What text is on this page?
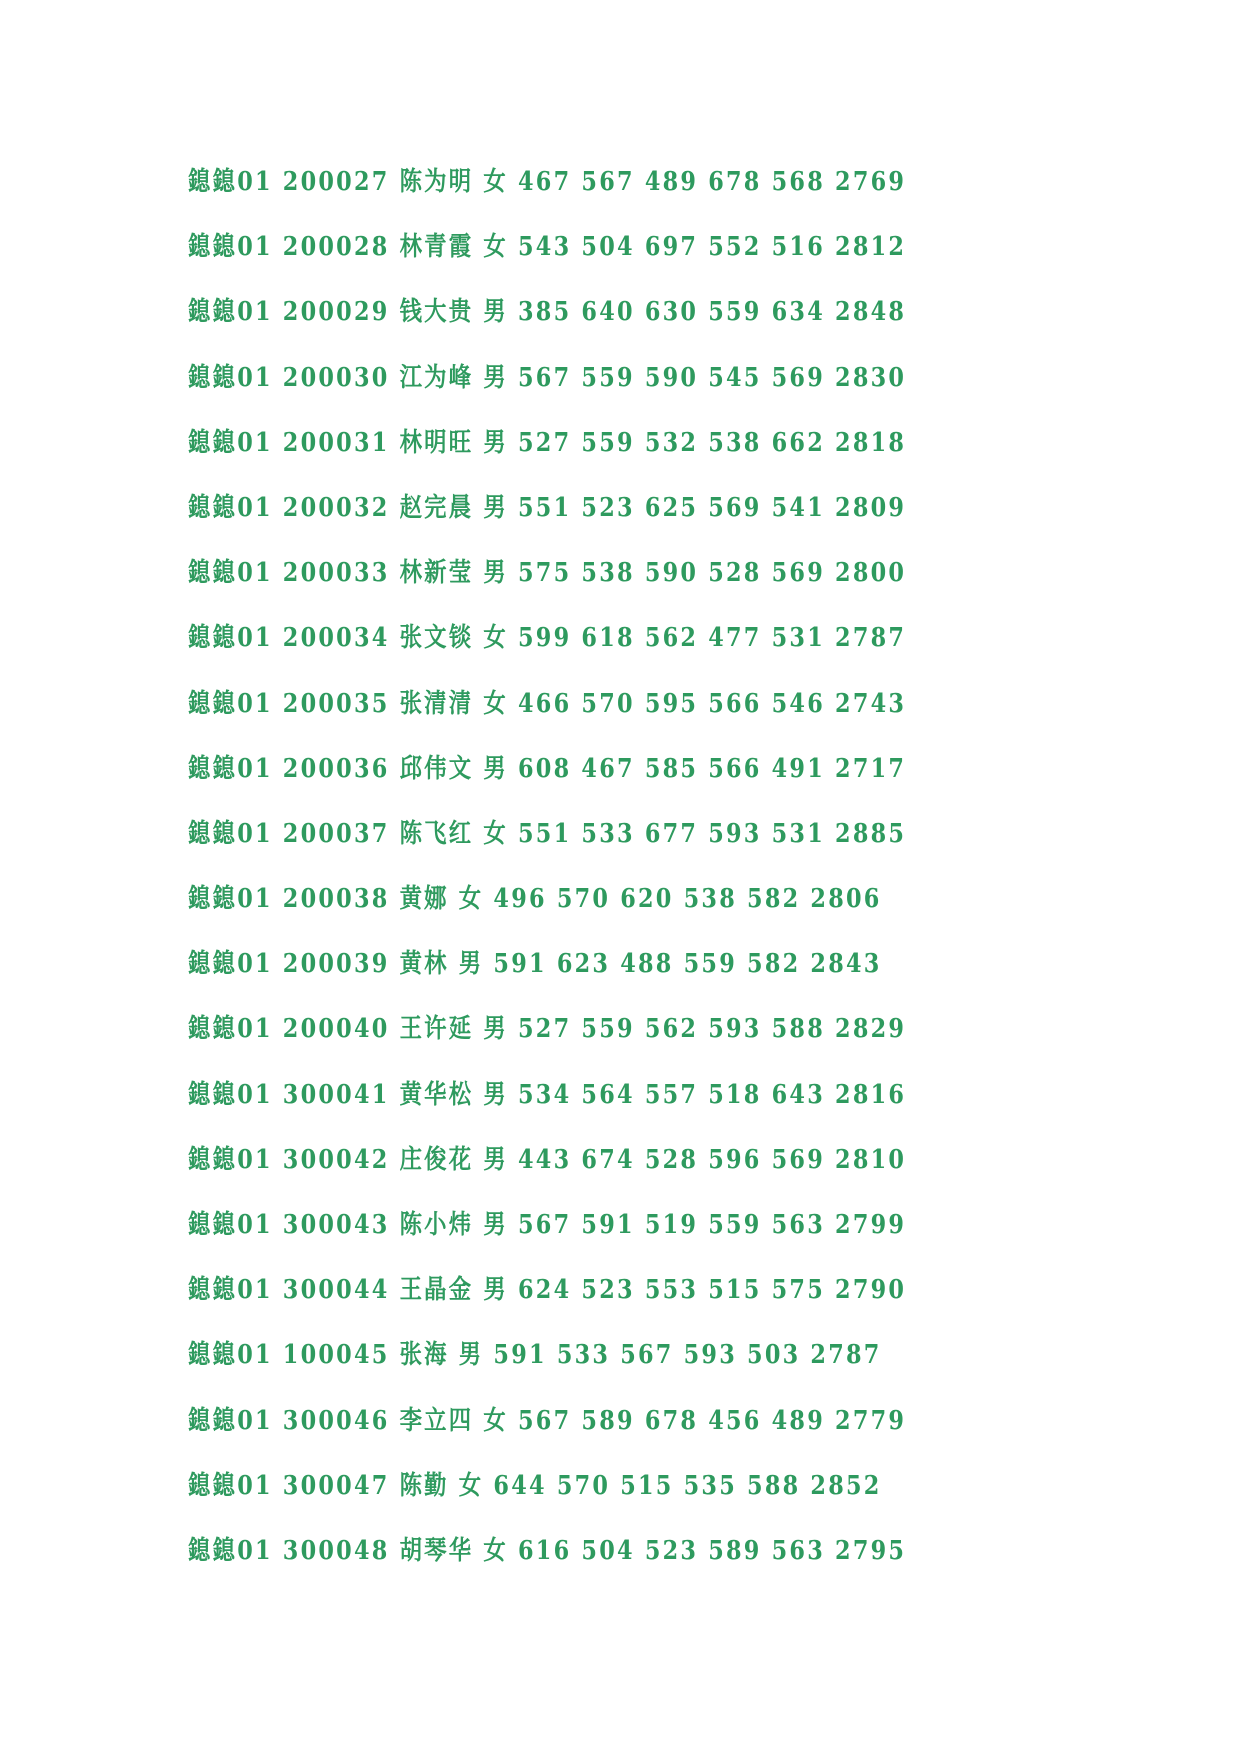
鎴鎴01 200027 陈为明 女 467 567 489 678 568 2769
鎴鎴01 200028 林青霞 女 543 504 697 552 516 2812
鎴鎴01 200029 钱大贵 男 385 640 630 559 634 2848
鎴鎴01 200030 江为峰 男 567 559 590 545 569 2830
鎴鎴01 200031 林明旺 男 527 559 532 538 662 2818
鎴鎴01 200032 赵完晨 男 551 523 625 569 541 2809
鎴鎴01 200033 林新莹 男 575 538 590 528 569 2800
鎴鎴01 200034 张文锬 女 599 618 562 477 531 2787
鎴鎴01 200035 张清清 女 466 570 595 566 546 2743
鎴鎴01 200036 邱伟文 男 608 467 585 566 491 2717
鎴鎴01 200037 陈飞红 女 551 533 677 593 531 2885
鎴鎴01 200038 黄娜 女 496 570 620 538 582 2806
鎴鎴01 200039 黄林 男 591 623 488 559 582 2843
鎴鎴01 200040 王许延 男 527 559 562 593 588 2829
鎴鎴01 300041 黄华松 男 534 564 557 518 643 2816
鎴鎴01 300042 庄俊花 男 443 674 528 596 569 2810
鎴鎴01 300043 陈小炜 男 567 591 519 559 563 2799
鎴鎴01 300044 王晶金 男 624 523 553 515 575 2790
鎴鎴01 100045 张海 男 591 533 567 593 503 2787
鎴鎴01 300046 李立四 女 567 589 678 456 489 2779
鎴鎴01 300047 陈勤 女 644 570 515 535 588 2852
鎴鎴01 300048 胡琴华 女 616 504 523 589 563 2795
